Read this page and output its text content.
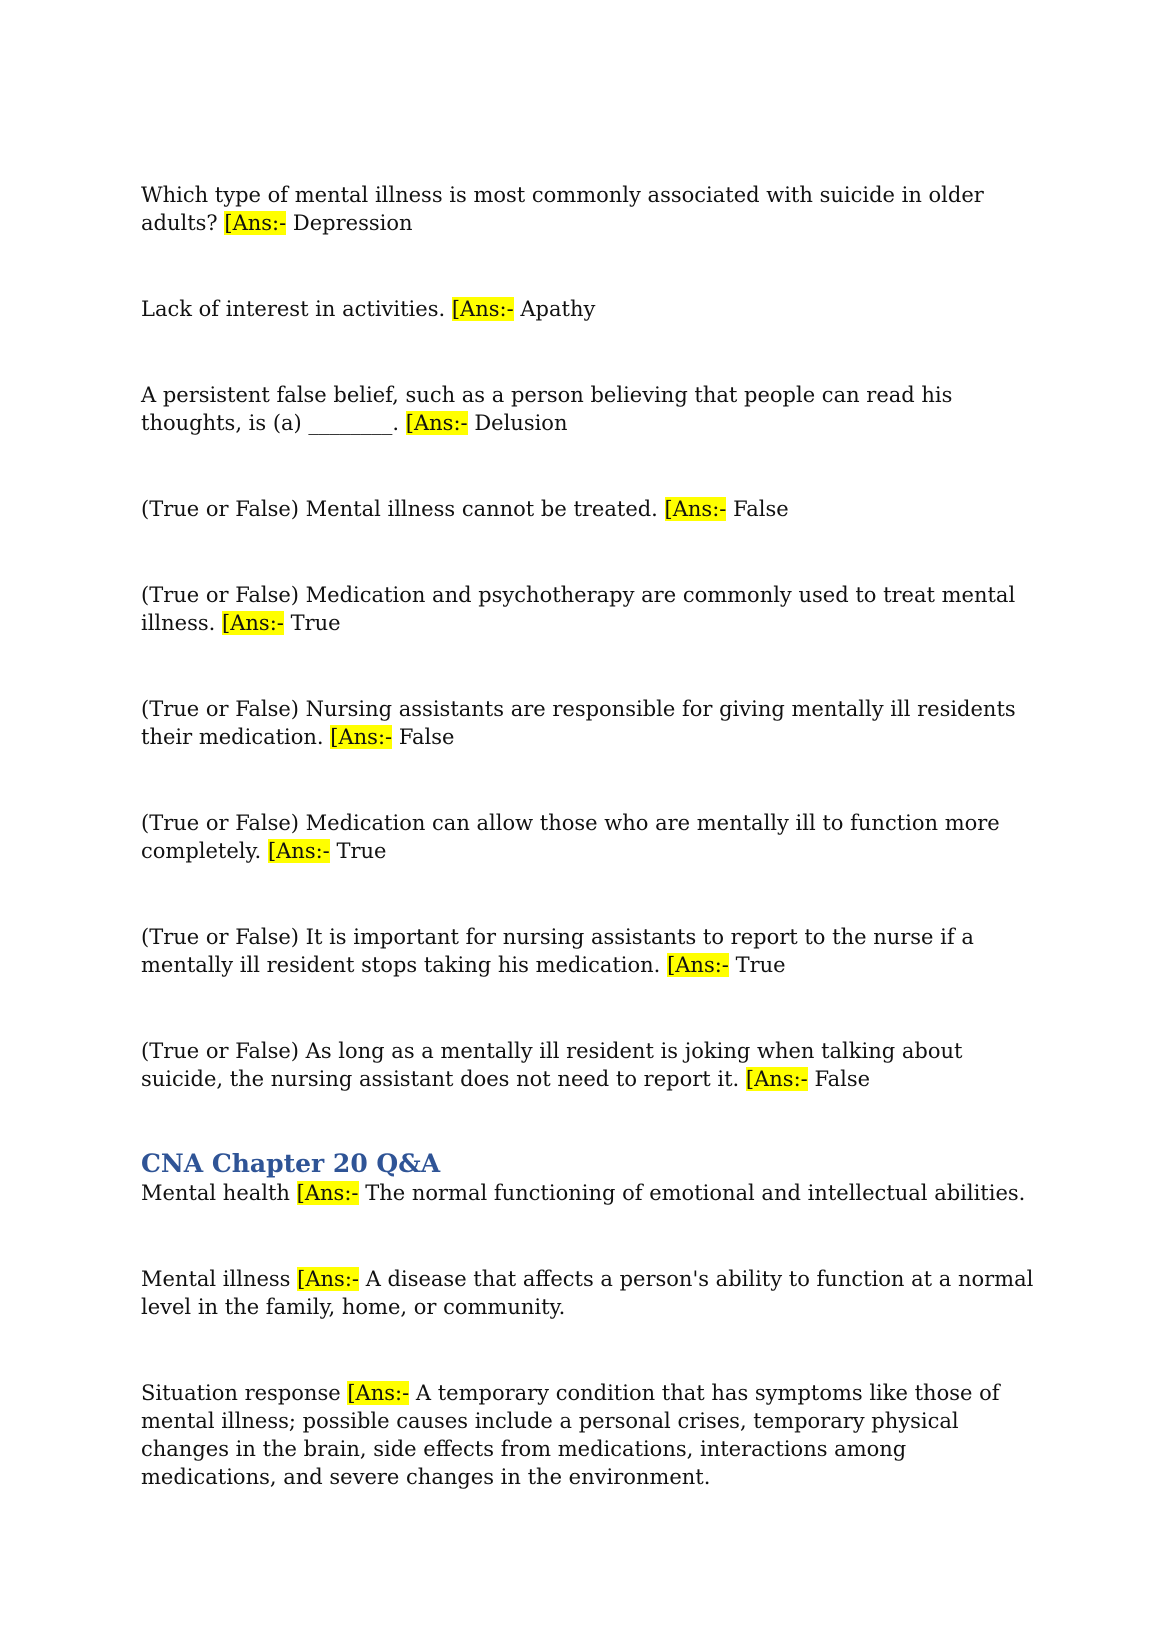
Which type of mental illness is most commonly associated with suicide in older adults? [Ans:- Depression

Lack of interest in activities. [Ans:- Apathy

A persistent false belief, such as a person believing that people can read his thoughts, is (a) ________. [Ans:- Delusion

(True or False) Mental illness cannot be treated. [Ans:- False

(True or False) Medication and psychotherapy are commonly used to treat mental illness. [Ans:- True

(True or False) Nursing assistants are responsible for giving mentally ill residents their medication. [Ans:- False

(True or False) Medication can allow those who are mentally ill to function more completely. [Ans:- True

(True or False) It is important for nursing assistants to report to the nurse if a mentally ill resident stops taking his medication. [Ans:- True

(True or False) As long as a mentally ill resident is joking when talking about suicide, the nursing assistant does not need to report it. [Ans:- False

CNA Chapter 20 Q&A

Mental health [Ans:- The normal functioning of emotional and intellectual abilities.

Mental illness [Ans:- A disease that affects a person's ability to function at a normal level in the family, home, or community.

Situation response [Ans:- A temporary condition that has symptoms like those of mental illness; possible causes include a personal crises, temporary physical changes in the brain, side effects from medications, interactions among medications, and severe changes in the environment.
